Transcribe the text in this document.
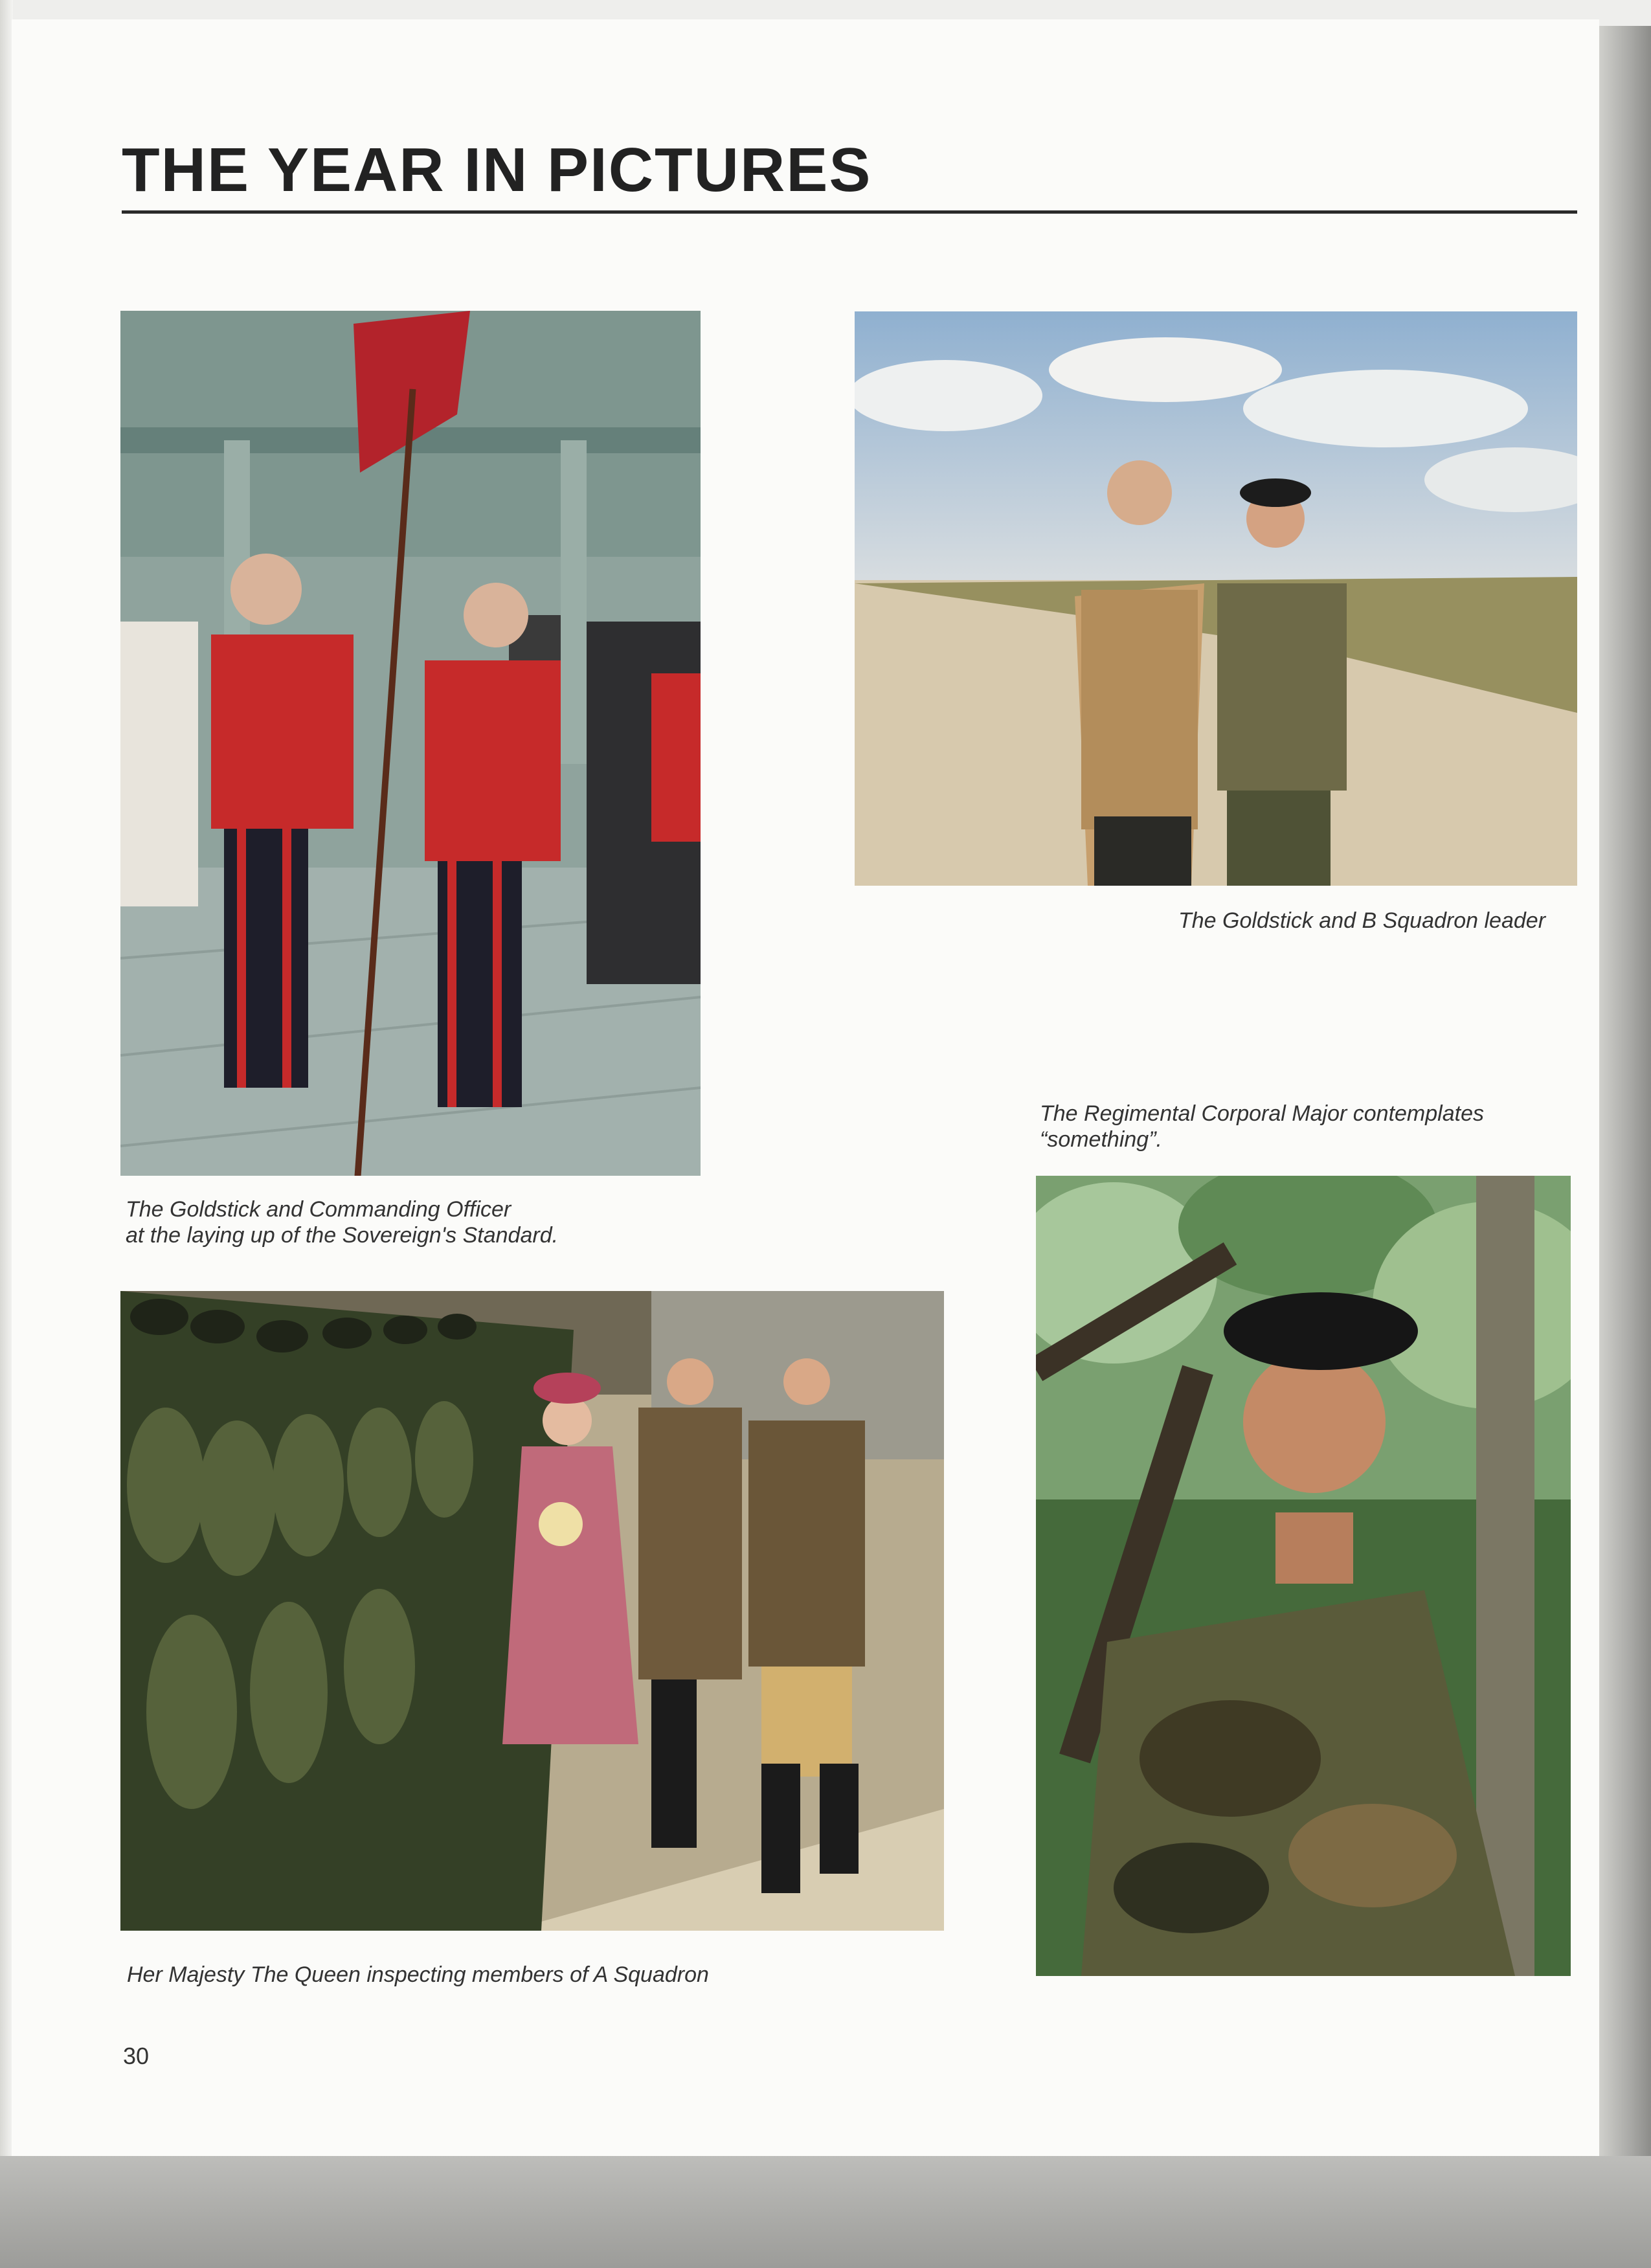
THE YEAR IN PICTURES

The Goldstick and Commanding Officer
at the laying up of the Sovereign's Standard.

The Goldstick and B Squadron leader

The Regimental Corporal Major contemplates
“something”.

Her Majesty The Queen inspecting members of A Squadron

30
